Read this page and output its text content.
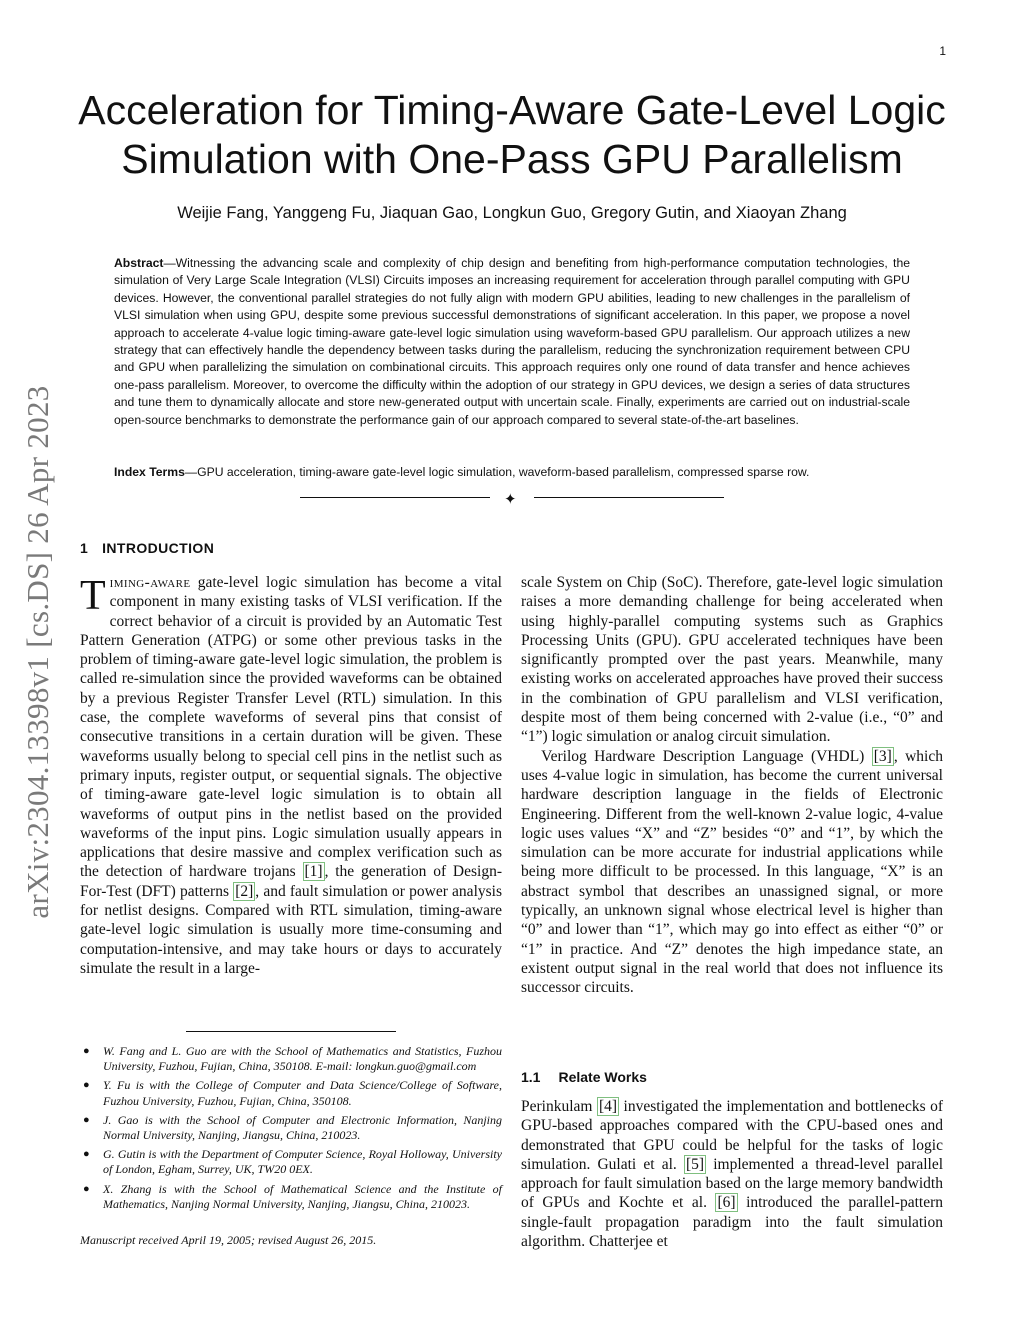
1
arXiv:2304.13398v1 [cs.DS] 26 Apr 2023
Acceleration for Timing-Aware Gate-Level Logic Simulation with One-Pass GPU Parallelism
Weijie Fang, Yanggeng Fu, Jiaquan Gao, Longkun Guo, Gregory Gutin, and Xiaoyan Zhang
Abstract—Witnessing the advancing scale and complexity of chip design and benefiting from high-performance computation technologies, the simulation of Very Large Scale Integration (VLSI) Circuits imposes an increasing requirement for acceleration through parallel computing with GPU devices. However, the conventional parallel strategies do not fully align with modern GPU abilities, leading to new challenges in the parallelism of VLSI simulation when using GPU, despite some previous successful demonstrations of significant acceleration. In this paper, we propose a novel approach to accelerate 4-value logic timing-aware gate-level logic simulation using waveform-based GPU parallelism. Our approach utilizes a new strategy that can effectively handle the dependency between tasks during the parallelism, reducing the synchronization requirement between CPU and GPU when parallelizing the simulation on combinational circuits. This approach requires only one round of data transfer and hence achieves one-pass parallelism. Moreover, to overcome the difficulty within the adoption of our strategy in GPU devices, we design a series of data structures and tune them to dynamically allocate and store new-generated output with uncertain scale. Finally, experiments are carried out on industrial-scale open-source benchmarks to demonstrate the performance gain of our approach compared to several state-of-the-art baselines.
Index Terms—GPU acceleration, timing-aware gate-level logic simulation, waveform-based parallelism, compressed sparse row.
✦
1 INTRODUCTION

Timing-aware gate-level logic simulation has become a vital component in many existing tasks of VLSI verification. If the correct behavior of a circuit is provided by an Automatic Test Pattern Generation (ATPG) or some other previous tasks in the problem of timing-aware gate-level logic simulation, the problem is called re-simulation since the provided waveforms can be obtained by a previous Register Transfer Level (RTL) simulation. In this case, the complete waveforms of several pins that consist of consecutive transitions in a certain duration will be given. These waveforms usually belong to special cell pins in the netlist such as primary inputs, register output, or sequential signals. The objective of timing-aware gate-level logic simulation is to obtain all waveforms of output pins in the netlist based on the provided waveforms of the input pins. Logic simulation usually appears in applications that desire massive and complex verification such as the detection of hardware trojans [1] , the generation of Design-For-Test (DFT) patterns [2] , and fault simulation or power analysis for netlist designs. Compared with RTL simulation, timing-aware gate-level logic simulation is usually more time-consuming and computation-intensive, and may take hours or days to accurately simulate the result in a large-

scale System on Chip (SoC). Therefore, gate-level logic simulation raises a more demanding challenge for being accelerated when using highly-parallel computing systems such as Graphics Processing Units (GPU). GPU accelerated techniques have been significantly prompted over the past years. Meanwhile, many existing works on accelerated approaches have proved their success in the combination of GPU parallelism and VLSI verification, despite most of them being concerned with 2-value (i.e., “0” and “1”) logic simulation or analog circuit simulation.

Verilog Hardware Description Language (VHDL) [3] , which uses 4-value logic in simulation, has become the current universal hardware description language in the fields of Electronic Engineering. Different from the well-known 2-value logic, 4-value logic uses values “X” and “Z” besides “0” and “1”, by which the simulation can be more accurate for industrial applications while being more difficult to be processed. In this language, “X” is an abstract symbol that describes an unassigned signal, or more typically, an unknown signal whose electrical level is higher than “0” and lower than “1”, which may go into effect as either “0” or “1” in practice. And “Z” denotes the high impedance state, an existent output signal in the real world that does not influence its successor circuits.

● W. Fang and L. Guo are with the School of Mathematics and Statistics, Fuzhou University, Fuzhou, Fujian, China, 350108. E-mail: longkun.guo@gmail.com
● Y. Fu is with the College of Computer and Data Science/College of Software, Fuzhou University, Fuzhou, Fujian, China, 350108.
● J. Gao is with the School of Computer and Electronic Information, Nanjing Normal University, Nanjing, Jiangsu, China, 210023.
● G. Gutin is with the Department of Computer Science, Royal Holloway, University of London, Egham, Surrey, UK, TW20 0EX.
● X. Zhang is with the School of Mathematical Science and the Institute of Mathematics, Nanjing Normal University, Nanjing, Jiangsu, China, 210023.
Manuscript received April 19, 2005; revised August 26, 2015.
1.1 Relate Works

Perinkulam [4] investigated the implementation and bottlenecks of GPU-based approaches compared with the CPU-based ones and demonstrated that GPU could be helpful for the tasks of logic simulation. Gulati et al. [5] implemented a thread-level parallel approach for fault simulation based on the large memory bandwidth of GPUs and Kochte et al. [6] introduced the parallel-pattern single-fault propagation paradigm into the fault simulation algorithm. Chatterjee et
